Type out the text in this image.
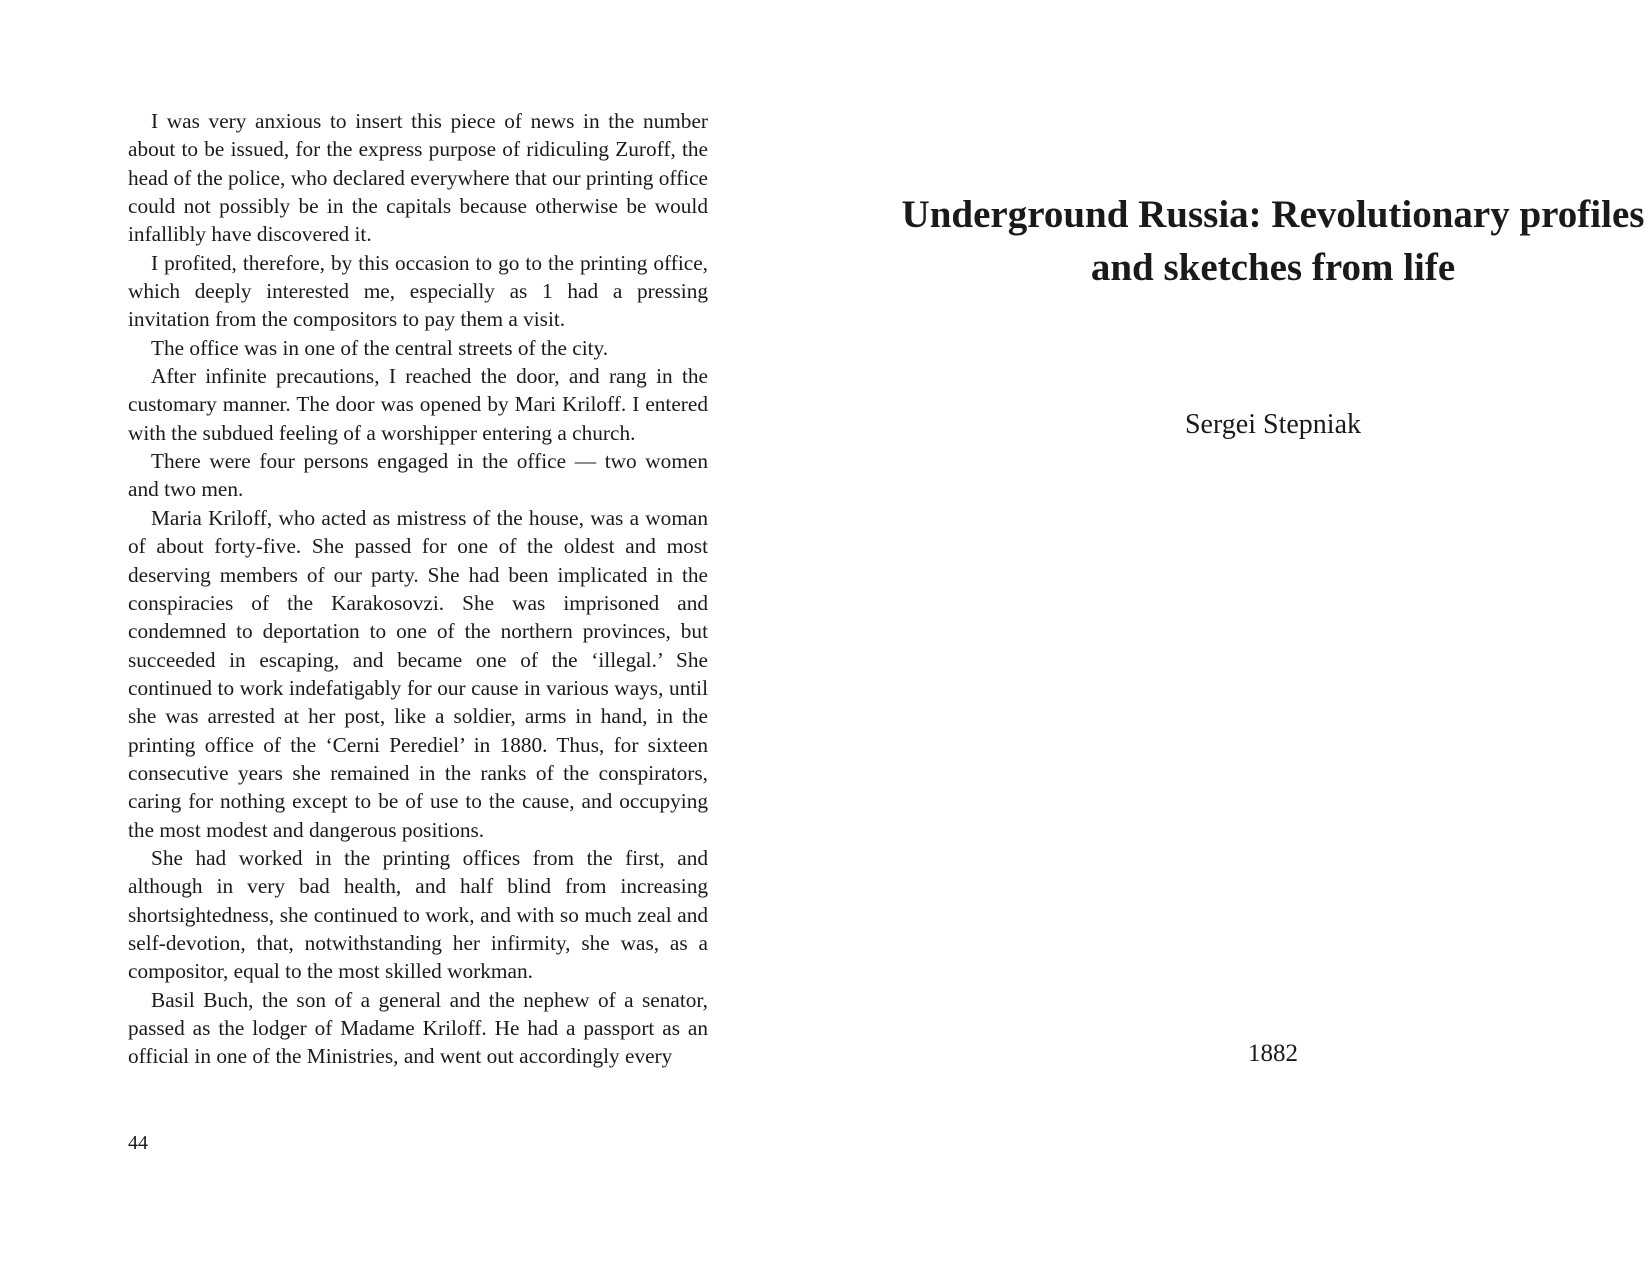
I was very anxious to insert this piece of news in the number about to be issued, for the express purpose of ridiculing Zuroff, the head of the police, who declared everywhere that our printing office could not possibly be in the capitals because otherwise be would infallibly have discovered it.

I profited, therefore, by this occasion to go to the printing office, which deeply interested me, especially as 1 had a pressing invitation from the compositors to pay them a visit.

The office was in one of the central streets of the city.

After infinite precautions, I reached the door, and rang in the customary manner. The door was opened by Mari Kriloff. I entered with the subdued feeling of a worshipper entering a church.

There were four persons engaged in the office — two women and two men.

Maria Kriloff, who acted as mistress of the house, was a woman of about forty-five. She passed for one of the oldest and most deserving members of our party. She had been implicated in the conspiracies of the Karakosovzi. She was imprisoned and condemned to deportation to one of the northern provinces, but succeeded in escaping, and became one of the ‘illegal.’ She continued to work indefatigably for our cause in various ways, until she was arrested at her post, like a soldier, arms in hand, in the printing office of the ‘Cerni Perediel’ in 1880. Thus, for sixteen consecutive years she remained in the ranks of the conspirators, caring for nothing except to be of use to the cause, and occupying the most modest and dangerous positions.

She had worked in the printing offices from the first, and although in very bad health, and half blind from increasing shortsightedness, she continued to work, and with so much zeal and self-devotion, that, notwithstanding her infirmity, she was, as a compositor, equal to the most skilled workman.

Basil Buch, the son of a general and the nephew of a senator, passed as the lodger of Madame Kriloff. He had a passport as an official in one of the Ministries, and went out accordingly every

44
Underground Russia: Revolutionary profiles and sketches from life
Sergei Stepniak
1882
